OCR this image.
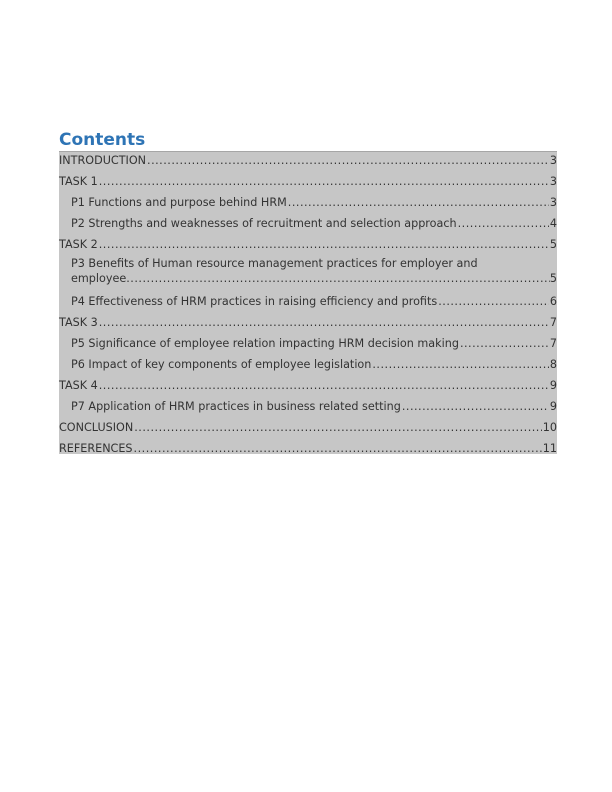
Contents
INTRODUCTION .....	3
TASK 1 .....	3
P1 Functions and purpose behind HRM .....	3
P2 Strengths and weaknesses of recruitment and selection approach .....	4
TASK 2 .....	5
P3 Benefits of Human resource management practices for employer and
employee .....	5
P4 Effectiveness of HRM practices in raising efficiency and profits .....	6
TASK 3 .....	7
P5 Significance of employee relation impacting HRM decision making .....	7
P6 Impact of key components of employee legislation .....	8
TASK 4 .....	9
P7 Application of HRM practices in business related setting .....	9
CONCLUSION .....	10
REFERENCES .....	11
